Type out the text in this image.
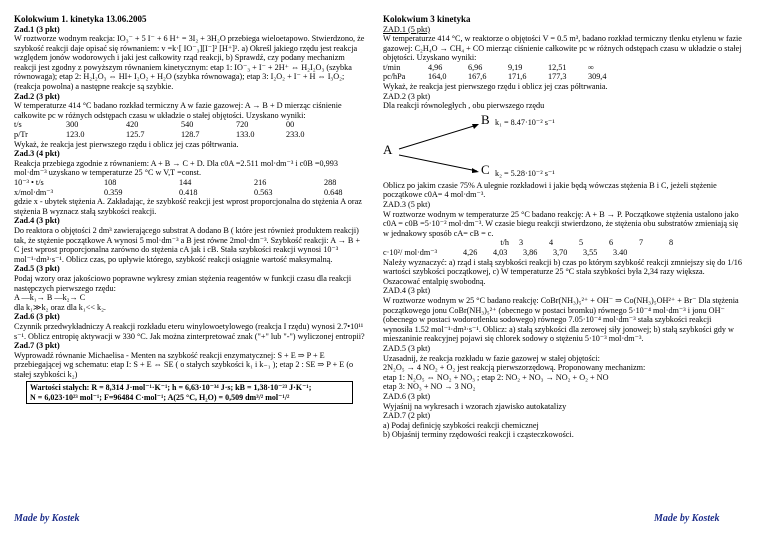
Kolokwium 1. kinetyka 13.06.2005

Zad.1 (3 pkt)

W roztworze wodnym reakcja: IO₃⁻ + 5 I⁻ + 6 H⁺ = 3I₂ + 3H₂O przebiega wieloetapowo. Stwierdzono, że szybkość reakcji daje opisać się równaniem: v =k·[ IO⁻₃][I⁻]² [H⁺]². a) Określ jakiego rzędu jest reakcja względem jonów wodorowych i jaki jest całkowity rząd reakcji, b) Sprawdź, czy podany mechanizm reakcji jest zgodny z powyższym równaniem kinetycznym: etap 1: IO⁻₃ + I⁻ + 2H⁺ ⇔ H₂I₂O₃ (szybka równowaga); etap 2: H₂I₂O₃ ⇔ HI+ I₂O₂ + H₂O (szybka równowaga); etap 3: I₂O₂ + I⁻ + H ⇔ I₃O₂; (reakcja powolna) a następne reakcje są szybkie.

Zad.2 (3 pkt)

W temperaturze 414 °C badano rozkład termiczny A w fazie gazowej: A → B + D mierząc ciśnienie całkowite pc w różnych odstępach czasu w układzie o stałej objętości. Uzyskano wyniki:

t/s	300	420	540	720	00
p/Tr	123.0	125.7	128.7	133.0	233.0

Wykaż, że reakcja jest pierwszego rzędu i oblicz jej czas półtrwania.

Zad.3 (4 pkt)

Reakcja przebiega zgodnie z równaniem: A + B → C + D. Dla c0A =2.511 mol·dm⁻³ i c0B =0,993 mol·dm⁻³ uzyskano w temperaturze 25 °C w V,T =const.

10⁻³ • t/s	108	144	216	288
x/mol·dm⁻³	0.359	0.418	0.563	0.648

gdzie x - ubytek stężenia A. Zakładając, że szybkość reakcji jest wprost proporcjonalna do stężenia A oraz stężenia B wyznacz stałą szybkości reakcji.

Zad.4 (3 pkt)

Do reaktora o objętości 2 dm³ zawierającego substrat A dodano B ( które jest również produktem reakcji) tak, że stężenie początkowe A wynosi 5 mol·dm⁻³ a B jest równe 2mol·dm⁻³. Szybkość reakcji: A → B + C jest wprost proporcjonalna zarówno do stężenia cA jak i cB. Stała szybkości reakcji wynosi 10⁻³ mol⁻¹·dm³·s⁻¹. Oblicz czas, po upływie którego, szybkość reakcji osiągnie wartość maksymalną.

Zad.5 (3 pkt)

Podaj wzory oraz jakościowo poprawne wykresy zmian stężenia reagentów w funkcji czasu dla reakcji następczych pierwszego rzędu:

A —k₁→ B —k₂→ C

dla k₁≫k₂ oraz dla k₁<< k₂.

Zad.6 (3 pkt)

Czynnik przedwykładniczy A reakcji rozkładu eteru winylowoetylowego (reakcja I rzędu) wynosi 2.7•10¹¹ s⁻¹. Oblicz entropię aktywacji w 330 °C. Jak można zinterpretować znak ("+" lub "-") wyliczonej entropii?

Zad.7 (3 pkt)

Wyprowadź równanie Michaelisa - Menten na szybkość reakcji enzymatycznej: S + E ⇒ P + E przebiegającej wg schematu: etap I: S + E ⇔ SE ( o stałych szybkości k₁ i k₋₁ ); etap 2 : SE ⇒ P + E (o stałej szybkości k₂)

Wartości stałych: R = 8,314 J·mol⁻¹·K⁻¹; h = 6,63·10⁻³⁴ J·s; kB = 1,38·10⁻²³ J·K⁻¹;
N = 6,023·10²³ mol⁻¹; F=96484 C·mol⁻¹; A(25 °C, H₂O) = 0,509 dm³/² mol⁻¹/²

Kolokwium 3 kinetyka

ZAD.1 (5 pkt)

W temperaturze 414 °C, w reaktorze o objętości V = 0.5 m³, badano rozkład termiczny tlenku etylenu w fazie gazowej: C₂H₄O → CH₄ + CO mierząc ciśnienie całkowite pc w różnych odstępach czasu w układzie o stałej objętości. Uzyskano wyniki:

t/min	4,96	6,96	9,19	12,51	∞
pc/hPa	164,0	167,6	171,6	177,3	309,4

Wykaż, że reakcja jest pierwszego rzędu i oblicz jej czas półtrwania.

ZAD.2 (3 pkt)

Dla reakcji równoległych , obu pierwszego rzędu

A
B k₁ = 8.47·10⁻² s⁻¹
C k₂ = 5.28·10⁻² s⁻¹

Oblicz po jakim czasie 75% A ulegnie rozkładowi i jakie będą wówczas stężenia B i C, jeżeli stężenie początkowe c0A= 4 mol·dm⁻³.

ZAD.3 (5 pkt)

W roztworze wodnym w temperaturze 25 °C badano reakcję: A + B → P. Początkowe stężenia ustalono jako c0A = c0B =5·10⁻² mol·dm⁻³. W czasie biegu reakcji stwierdzono, że stężenia obu substratów zmieniają się w jednakowy sposób cA= cB = c.

t/h	3	4	5	6	7	8
c·10²/ mol·dm⁻³	4,26	4,03	3,86	3,70	3,55	3.40

Należy wyznaczyć: a) rząd i stałą szybkości reakcji b) czas po którym szybkość reakcji zmniejszy się do 1/16 wartości szybkości początkowej, c) W temperaturze 25 °C stała szybkości była 2,34 razy większa. Oszacować entalpię swobodną.

ZAD.4 (3 pkt)

W roztworze wodnym w 25 °C badano reakcję: CoBr(NH₃)₅²⁺ + OH⁻ ⇒ Co(NH₃)₅OH²⁺ + Br⁻ Dla stężenia początkowego jonu CoBr(NH₃)₅²⁺ (obecnego w postaci bromku) równego 5·10⁻⁴ mol·dm⁻³ i jonu OH⁻ (obecnego w postaci wodorotlenku sodowego) równego 7.05·10⁻⁴ mol·dm⁻³ stała szybkości reakcji wynosiła 1.52 mol⁻¹·dm³·s⁻¹. Oblicz: a) stałą szybkości dla zerowej siły jonowej; b) stałą szybkości gdy w mieszaninie reakcyjnej pojawi się chlorek sodowy o stężeniu 5·10⁻³ mol·dm⁻³.

ZAD.5 (3 pkt)

Uzasadnij, że reakcja rozkładu w fazie gazowej w stałej objętości:

2N₂O₅ → 4 NO₂ + O₂ jest reakcją pierwszorzędową. Proponowany mechanizm:

etap 1: N₂O₅ ⇔ NO₂ + NO₃ ; etap 2: NO₂ + NO₃ → NO₂ + O₂ + NO

etap 3: NO₃ + NO → 3 NO₂

ZAD.6 (3 pkt)

Wyjaśnij na wykresach i wzorach zjawisko autokatalizy

ZAD.7 (2 pkt)

a) Podaj definicję szybkości reakcji chemicznej

b) Objaśnij terminy rzędowości reakcji i cząsteczkowości.

Made by Kostek	Made by Kostek
